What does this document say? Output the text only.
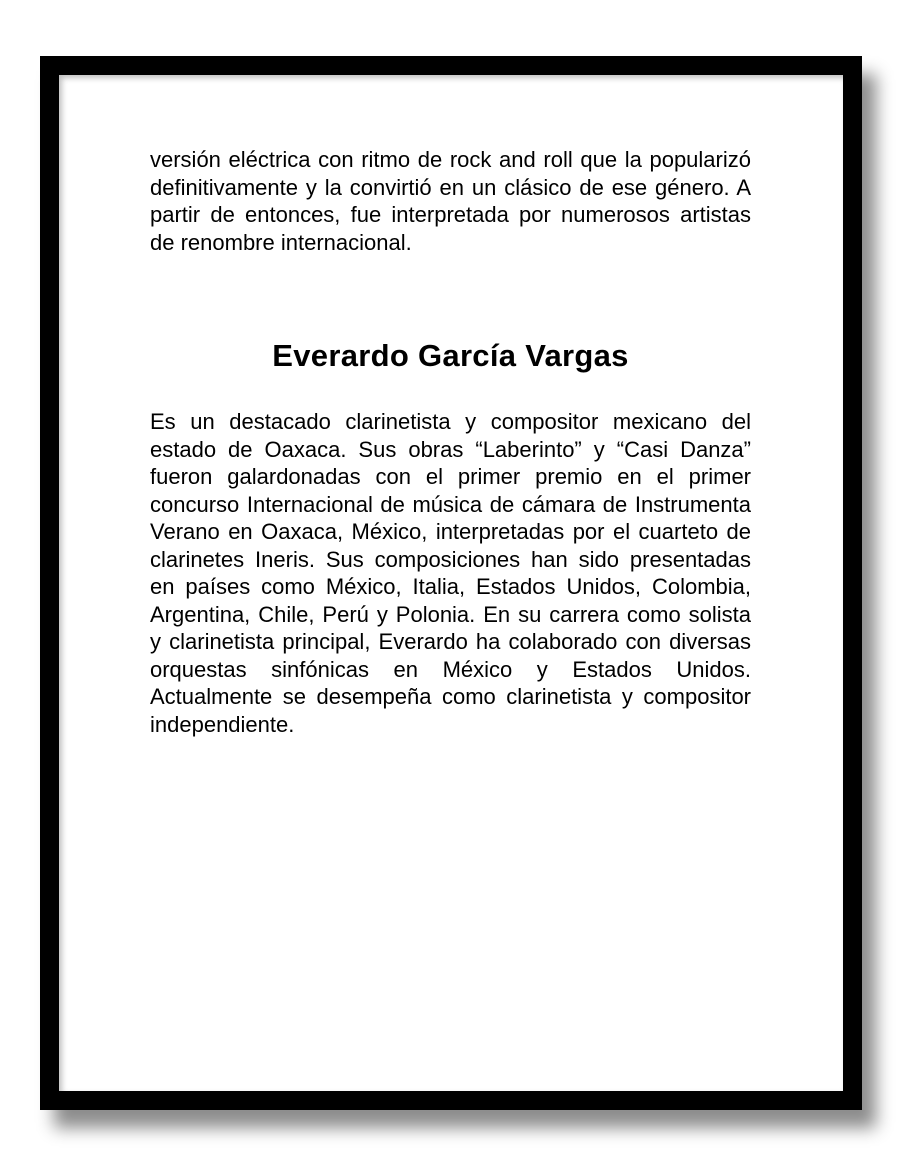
versión eléctrica con ritmo de rock and roll que la popularizó definitivamente y la convirtió en un clásico de ese género. A partir de entonces, fue interpretada por numerosos artistas de renombre internacional.

Everardo García Vargas

Es un destacado clarinetista y compositor mexicano del estado de Oaxaca. Sus obras “Laberinto” y “Casi Danza” fueron galardonadas con el primer premio en el primer concurso Internacional de música de cámara de Instrumenta Verano en Oaxaca, México, interpretadas por el cuarteto de clarinetes Ineris. Sus composiciones han sido presentadas en países como México, Italia, Estados Unidos, Colombia, Argentina, Chile, Perú y Polonia. En su carrera como solista y clarinetista principal, Everardo ha colaborado con diversas orquestas sinfónicas en México y Estados Unidos. Actualmente se desempeña como clarinetista y compositor independiente.
